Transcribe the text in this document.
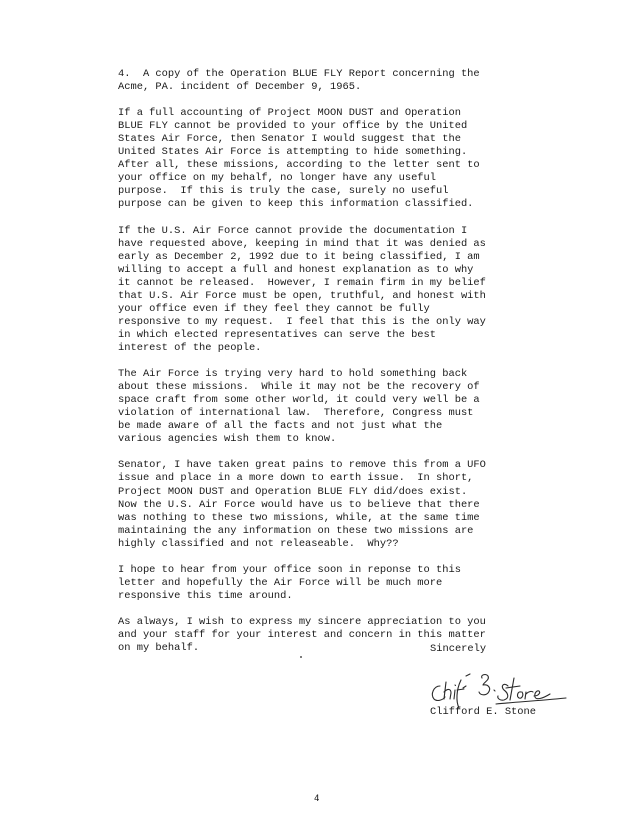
4.  A copy of the Operation BLUE FLY Report concerning the
Acme, PA. incident of December 9, 1965.

If a full accounting of Project MOON DUST and Operation
BLUE FLY cannot be provided to your office by the United
States Air Force, then Senator I would suggest that the
United States Air Force is attempting to hide something.
After all, these missions, according to the letter sent to
your office on my behalf, no longer have any useful
purpose.  If this is truly the case, surely no useful
purpose can be given to keep this information classified.

If the U.S. Air Force cannot provide the documentation I
have requested above, keeping in mind that it was denied as
early as December 2, 1992 due to it being classified, I am
willing to accept a full and honest explanation as to why
it cannot be released.  However, I remain firm in my belief
that U.S. Air Force must be open, truthful, and honest with
your office even if they feel they cannot be fully
responsive to my request.  I feel that this is the only way
in which elected representatives can serve the best
interest of the people.

The Air Force is trying very hard to hold something back
about these missions.  While it may not be the recovery of
space craft from some other world, it could very well be a
violation of international law.  Therefore, Congress must
be made aware of all the facts and not just what the
various agencies wish them to know.

Senator, I have taken great pains to remove this from a UFO
issue and place in a more down to earth issue.  In short,
Project MOON DUST and Operation BLUE FLY did/does exist.
Now the U.S. Air Force would have us to believe that there
was nothing to these two missions, while, at the same time
maintaining the any information on these two missions are
highly classified and not releaseable.  Why??

I hope to hear from your office soon in reponse to this
letter and hopefully the Air Force will be much more
responsive this time around.

As always, I wish to express my sincere appreciation to you
and your staff for your interest and concern in this matter
on my behalf.	Sincerely
Clifford E. Stone
4
